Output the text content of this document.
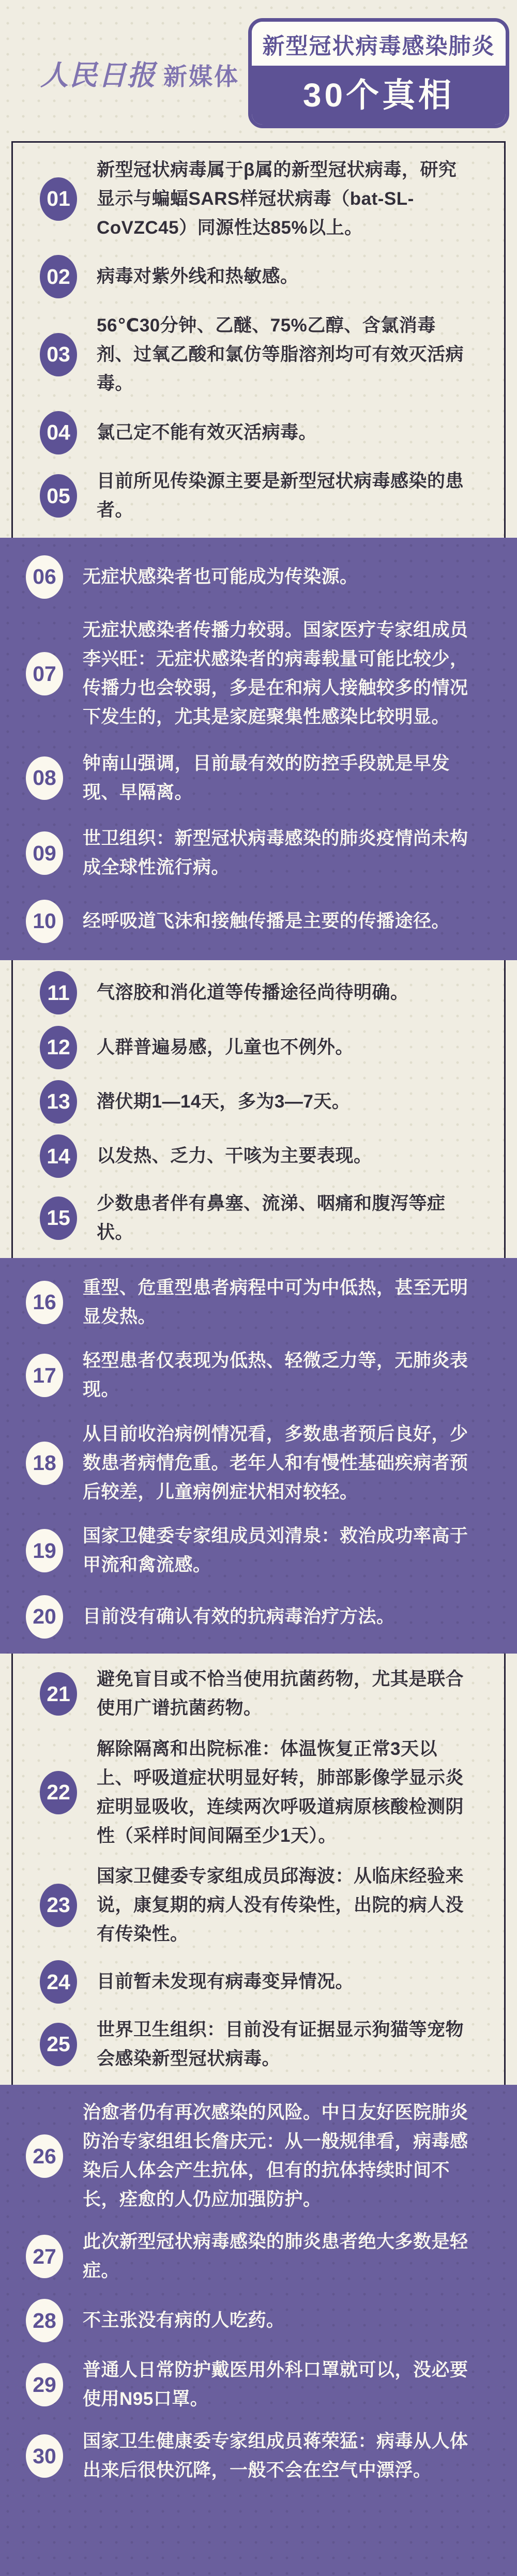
人民日报 新媒体
新型冠状病毒感染肺炎
30个真相
01
新型冠状病毒属于β属的新型冠状病毒，研究显示与蝙蝠SARS样冠状病毒（bat-SL-CoVZC45）同源性达85%以上。
02	病毒对紫外线和热敏感。
03
56℃30分钟、乙醚、75%乙醇、含氯消毒剂、过氧乙酸和氯仿等脂溶剂均可有效灭活病毒。
04	氯己定不能有效灭活病毒。
05
目前所见传染源主要是新型冠状病毒感染的患者。
06	无症状感染者也可能成为传染源。
07
无症状感染者传播力较弱。国家医疗专家组成员李兴旺：无症状感染者的病毒载量可能比较少，传播力也会较弱，多是在和病人接触较多的情况下发生的，尤其是家庭聚集性感染比较明显。
08
钟南山强调，目前最有效的防控手段就是早发现、早隔离。
09
世卫组织：新型冠状病毒感染的肺炎疫情尚未构成全球性流行病。
10	经呼吸道飞沫和接触传播是主要的传播途径。
11	气溶胶和消化道等传播途径尚待明确。
12	人群普遍易感，儿童也不例外。
13	潜伏期1—14天，多为3—7天。
14	以发热、乏力、干咳为主要表现。
15
少数患者伴有鼻塞、流涕、咽痛和腹泻等症状。
16
重型、危重型患者病程中可为中低热，甚至无明显发热。
17
轻型患者仅表现为低热、轻微乏力等，无肺炎表现。
18
从目前收治病例情况看，多数患者预后良好，少数患者病情危重。老年人和有慢性基础疾病者预后较差，儿童病例症状相对较轻。
19
国家卫健委专家组成员刘清泉：救治成功率高于甲流和禽流感。
20	目前没有确认有效的抗病毒治疗方法。
21
避免盲目或不恰当使用抗菌药物，尤其是联合使用广谱抗菌药物。
22
解除隔离和出院标准：体温恢复正常3天以上、呼吸道症状明显好转，肺部影像学显示炎症明显吸收，连续两次呼吸道病原核酸检测阴性（采样时间间隔至少1天）。
23
国家卫健委专家组成员邱海波：从临床经验来说，康复期的病人没有传染性，出院的病人没有传染性。
24	目前暂未发现有病毒变异情况。
25
世界卫生组织：目前没有证据显示狗猫等宠物会感染新型冠状病毒。
26
治愈者仍有再次感染的风险。中日友好医院肺炎防治专家组组长詹庆元：从一般规律看，病毒感染后人体会产生抗体，但有的抗体持续时间不长，痊愈的人仍应加强防护。
27
此次新型冠状病毒感染的肺炎患者绝大多数是轻症。
28	不主张没有病的人吃药。
29
普通人日常防护戴医用外科口罩就可以，没必要使用N95口罩。
30
国家卫生健康委专家组成员蒋荣猛：病毒从人体出来后很快沉降，一般不会在空气中漂浮。
